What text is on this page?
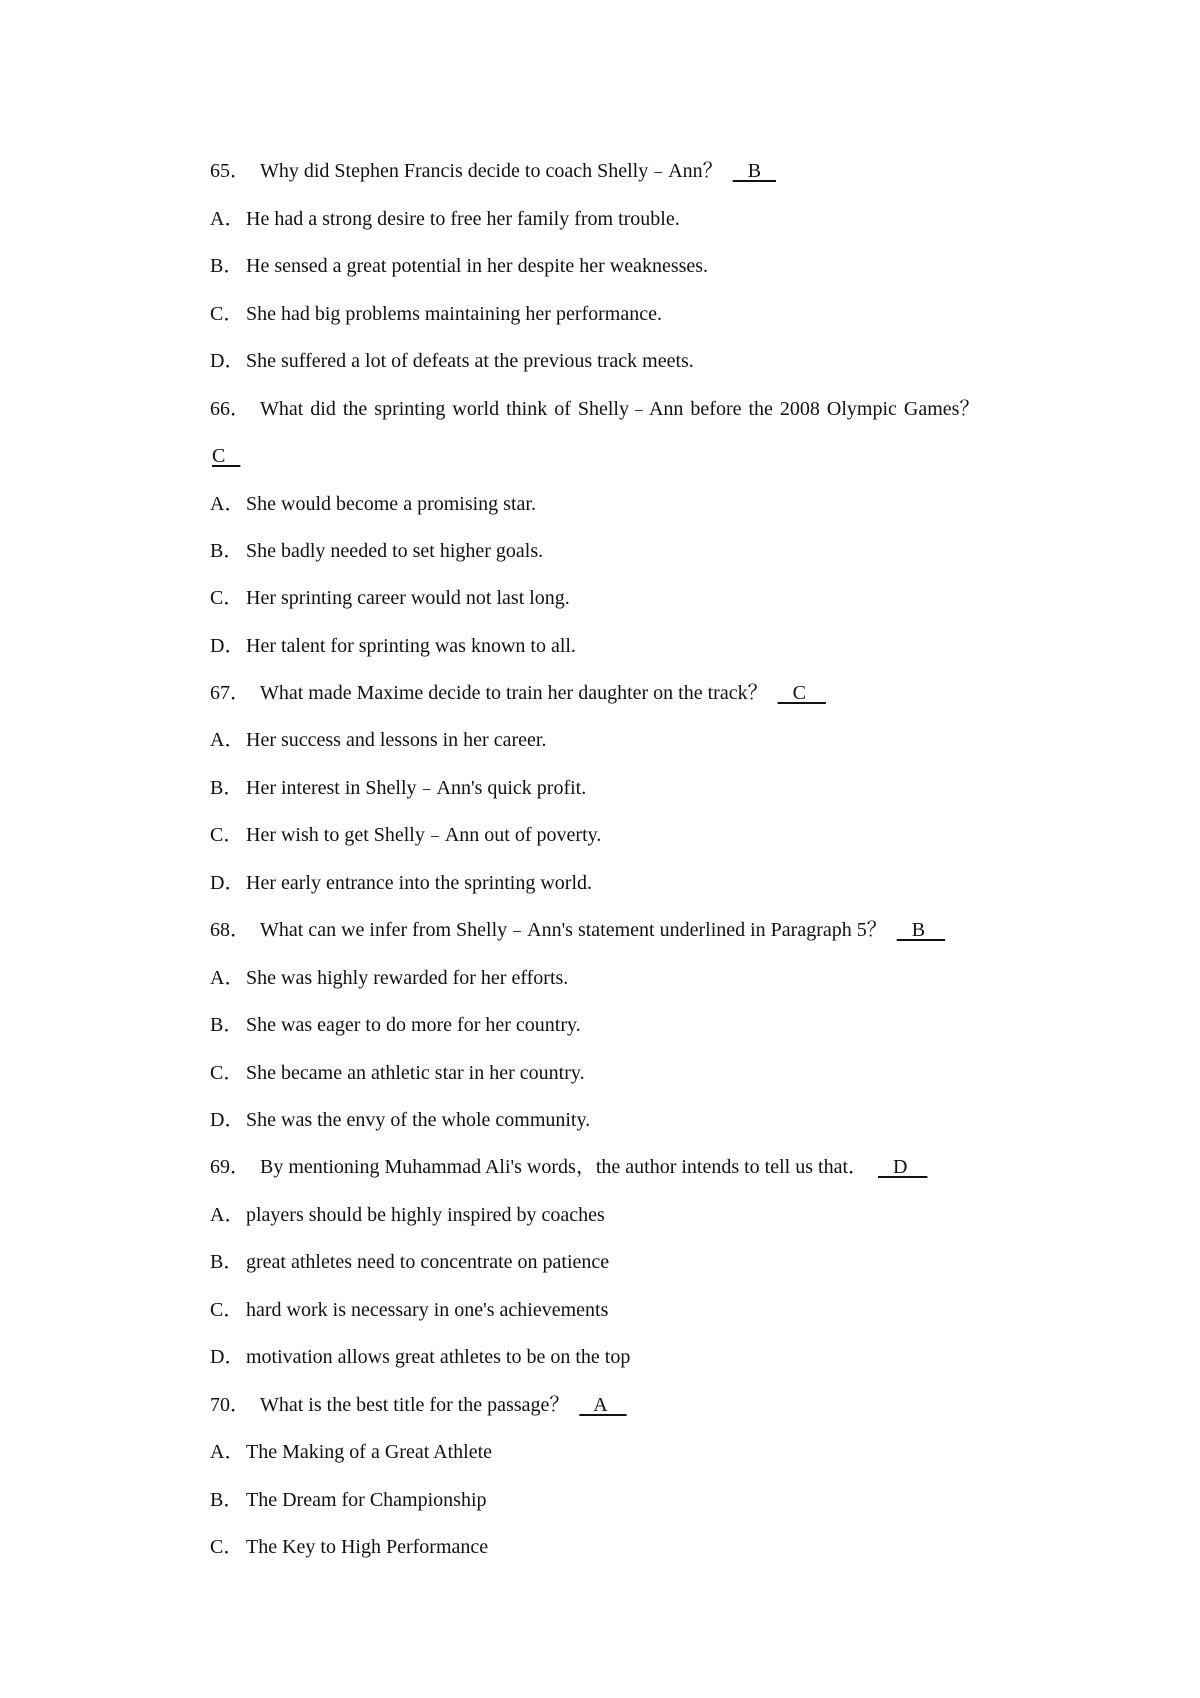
65． Why did Stephen Francis decide to coach Shelly﹣Ann？   B
A．He had a strong desire to free her family from trouble.
B． He sensed a great potential in her despite her weaknesses.
C． She had big problems maintaining her performance.
D．She suffered a lot of defeats at the previous track meets.
66． What did the sprinting world think of Shelly﹣Ann before the 2008 Olympic Games？
C
A．She would become a promising star.
B． She badly needed to set higher goals.
C． Her sprinting career would not last long.
D．Her talent for sprinting was known to all.
67． What made Maxime decide to train her daughter on the track？   C
A．Her success and lessons in her career.
B． Her interest in Shelly﹣Ann's quick profit.
C． Her wish to get Shelly﹣Ann out of poverty.
D．Her early entrance into the sprinting world.
68． What can we infer from Shelly﹣Ann's statement underlined in Paragraph 5？   B
A．She was highly rewarded for her efforts.
B． She was eager to do more for her country.
C． She became an athletic star in her country.
D．She was the envy of the whole community.
69． By mentioning Muhammad Ali's words，the author intends to tell us that．   D
A．players should be highly inspired by coaches
B． great athletes need to concentrate on patience
C． hard work is necessary in one's achievements
D．motivation allows great athletes to be on the top
70． What is the best title for the passage？   A
A．The Making of a Great Athlete
B． The Dream for Championship
C． The Key to High Performance
